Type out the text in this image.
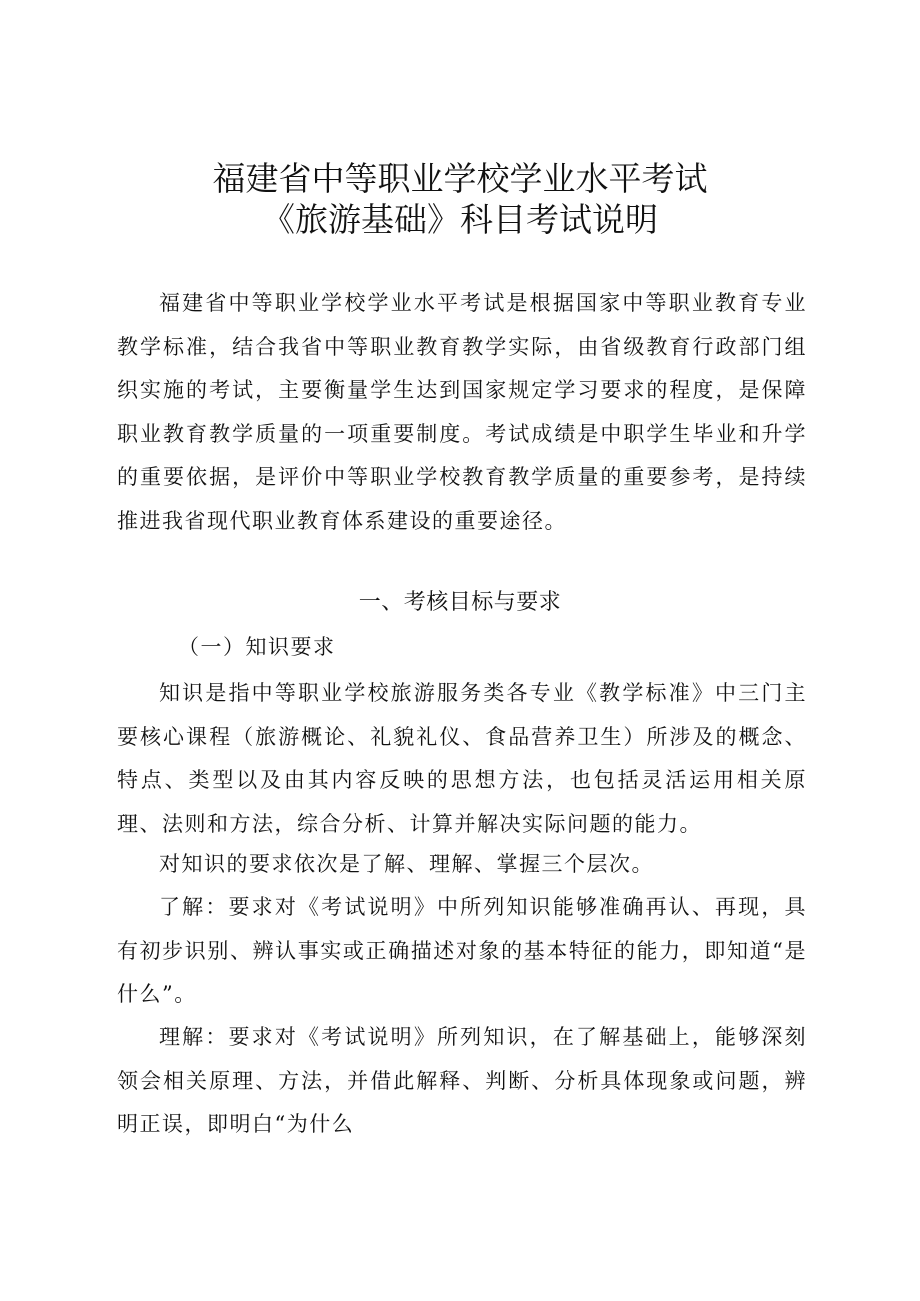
福建省中等职业学校学业水平考试
《旅游基础》科目考试说明

福建省中等职业学校学业水平考试是根据国家中等职业教育专业教学标准，结合我省中等职业教育教学实际，由省级教育行政部门组织实施的考试，主要衡量学生达到国家规定学习要求的程度，是保障职业教育教学质量的一项重要制度。考试成绩是中职学生毕业和升学的重要依据，是评价中等职业学校教育教学质量的重要参考，是持续推进我省现代职业教育体系建设的重要途径。

一、考核目标与要求
（一）知识要求

知识是指中等职业学校旅游服务类各专业《教学标准》中三门主要核心课程（旅游概论、礼貌礼仪、食品营养卫生）所涉及的概念、特点、类型以及由其内容反映的思想方法，也包括灵活运用相关原理、法则和方法，综合分析、计算并解决实际问题的能力。

对知识的要求依次是了解、理解、掌握三个层次。

了解：要求对《考试说明》中所列知识能够准确再认、再现，具有初步识别、辨认事实或正确描述对象的基本特征的能力，即知道“是什么”。

理解：要求对《考试说明》所列知识，在了解基础上，能够深刻领会相关原理、方法，并借此解释、判断、分析具体现象或问题，辨明正误，即明白“为什么
